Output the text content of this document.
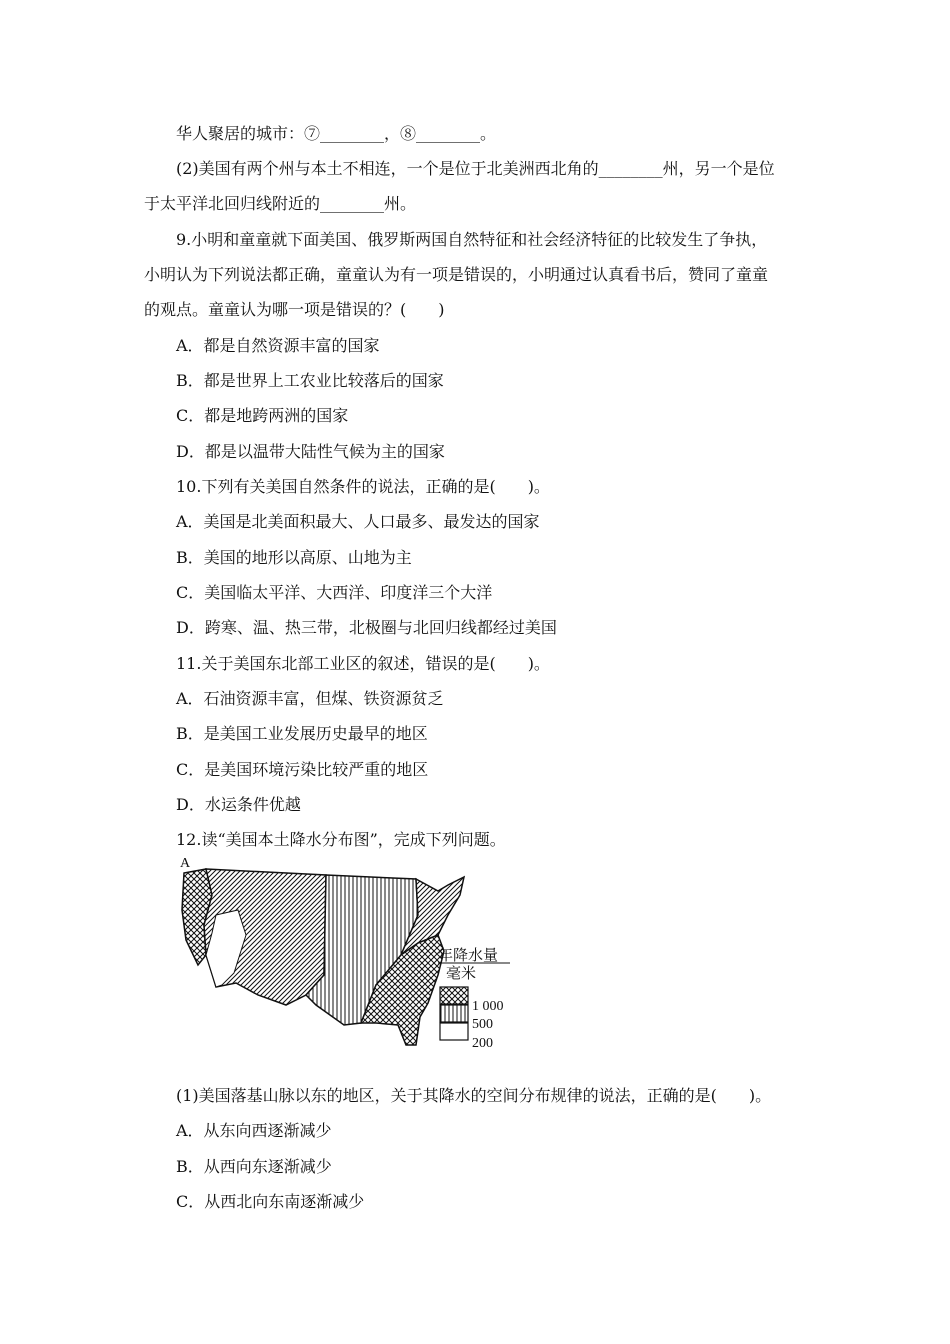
华人聚居的城市：⑦________，⑧________。
(2)美国有两个州与本土不相连，一个是位于北美洲西北角的________州，另一个是位
于太平洋北回归线附近的________州。
9.小明和童童就下面美国、俄罗斯两国自然特征和社会经济特征的比较发生了争执，
小明认为下列说法都正确，童童认为有一项是错误的，小明通过认真看书后，赞同了童童
的观点。童童认为哪一项是错误的？(　　)
A．都是自然资源丰富的国家
B．都是世界上工农业比较落后的国家
C．都是地跨两洲的国家
D．都是以温带大陆性气候为主的国家
10.下列有关美国自然条件的说法，正确的是(　　)。
A．美国是北美面积最大、人口最多、最发达的国家
B．美国的地形以高原、山地为主
C．美国临太平洋、大西洋、印度洋三个大洋
D．跨寒、温、热三带，北极圈与北回归线都经过美国
11.关于美国东北部工业区的叙述，错误的是(　　)。
A．石油资源丰富，但煤、铁资源贫乏
B．是美国工业发展历史最早的地区
C．是美国环境污染比较严重的地区
D．水运条件优越
12.读“美国本土降水分布图”，完成下列问题。
A
年降水量
毫米
1 000
500
200
(1)美国落基山脉以东的地区，关于其降水的空间分布规律的说法，正确的是(　　)。
A．从东向西逐渐减少
B．从西向东逐渐减少
C．从西北向东南逐渐减少
